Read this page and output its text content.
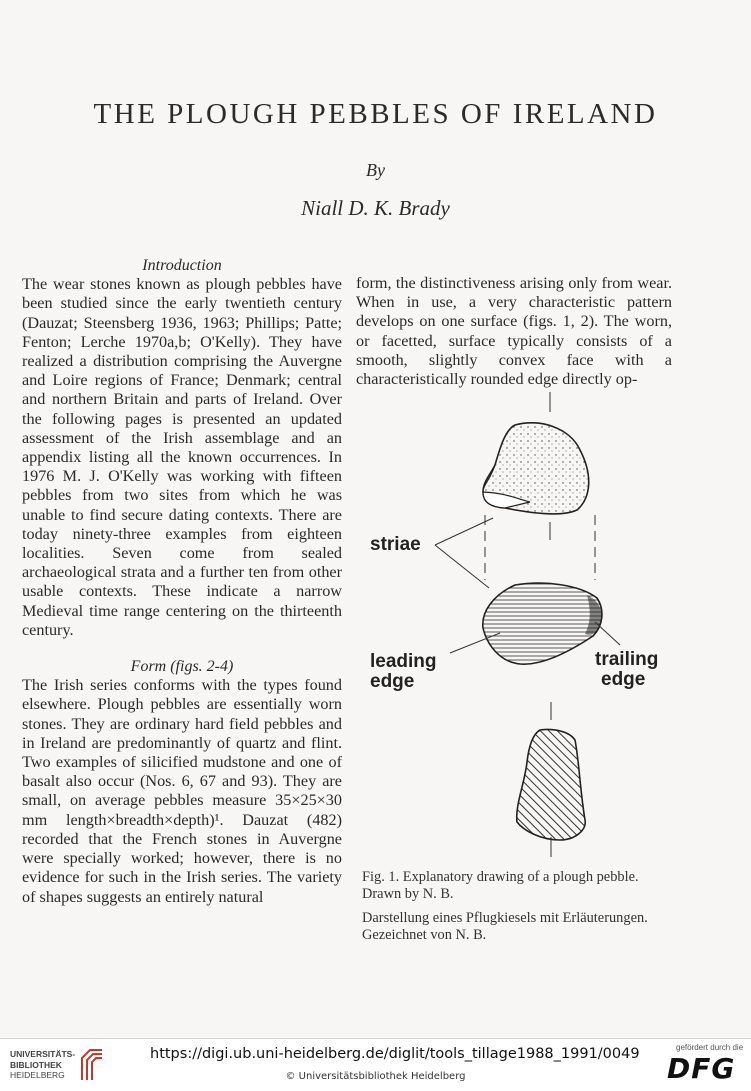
THE PLOUGH PEBBLES OF IRELAND
By
Niall D. K. Brady

Introduction

The wear stones known as plough pebbles have been studied since the early twentieth century (Dauzat; Steensberg 1936, 1963; Phillips; Patte; Fenton; Lerche 1970a,b; O'Kelly). They have realized a distribution comprising the Auvergne and Loire regions of France; Denmark; central and northern Britain and parts of Ireland. Over the following pages is presented an updated assessment of the Irish assemblage and an appendix listing all the known occurrences. In 1976 M. J. O'Kelly was working with fifteen pebbles from two sites from which he was unable to find secure dating contexts. There are today ninety-three examples from eighteen localities. Seven come from sealed archaeological strata and a further ten from other usable contexts. These indicate a narrow Medieval time range centering on the thirteenth century.

Form (figs. 2-4)

The Irish series conforms with the types found elsewhere. Plough pebbles are essentially worn stones. They are ordinary hard field pebbles and in Ireland are predominantly of quartz and flint. Two examples of silicified mudstone and one of basalt also occur (Nos. 6, 67 and 93). They are small, on average pebbles measure 35×25×30 mm length×breadth×depth)¹. Dauzat (482) recorded that the French stones in Auvergne were specially worked; however, there is no evidence for such in the Irish series. The variety of shapes suggests an entirely natural

form, the distinctiveness arising only from wear. When in use, a very characteristic pattern develops on one surface (figs. 1, 2). The worn, or facetted, surface typically consists of a smooth, slightly convex face with a characteristically rounded edge directly op-

striae
leading
edge
trailing
edge
Fig. 1. Explanatory drawing of a plough pebble.
Drawn by N. B.
Darstellung eines Pflugkiesels mit Erläuterungen.
Gezeichnet von N. B.
UNIVERSITÄTS-
BIBLIOTHEK
HEIDELBERG
https://digi.ub.uni-heidelberg.de/diglit/tools_tillage1988_1991/0049
© Universitätsbibliothek Heidelberg
gefördert durch die
DFG
